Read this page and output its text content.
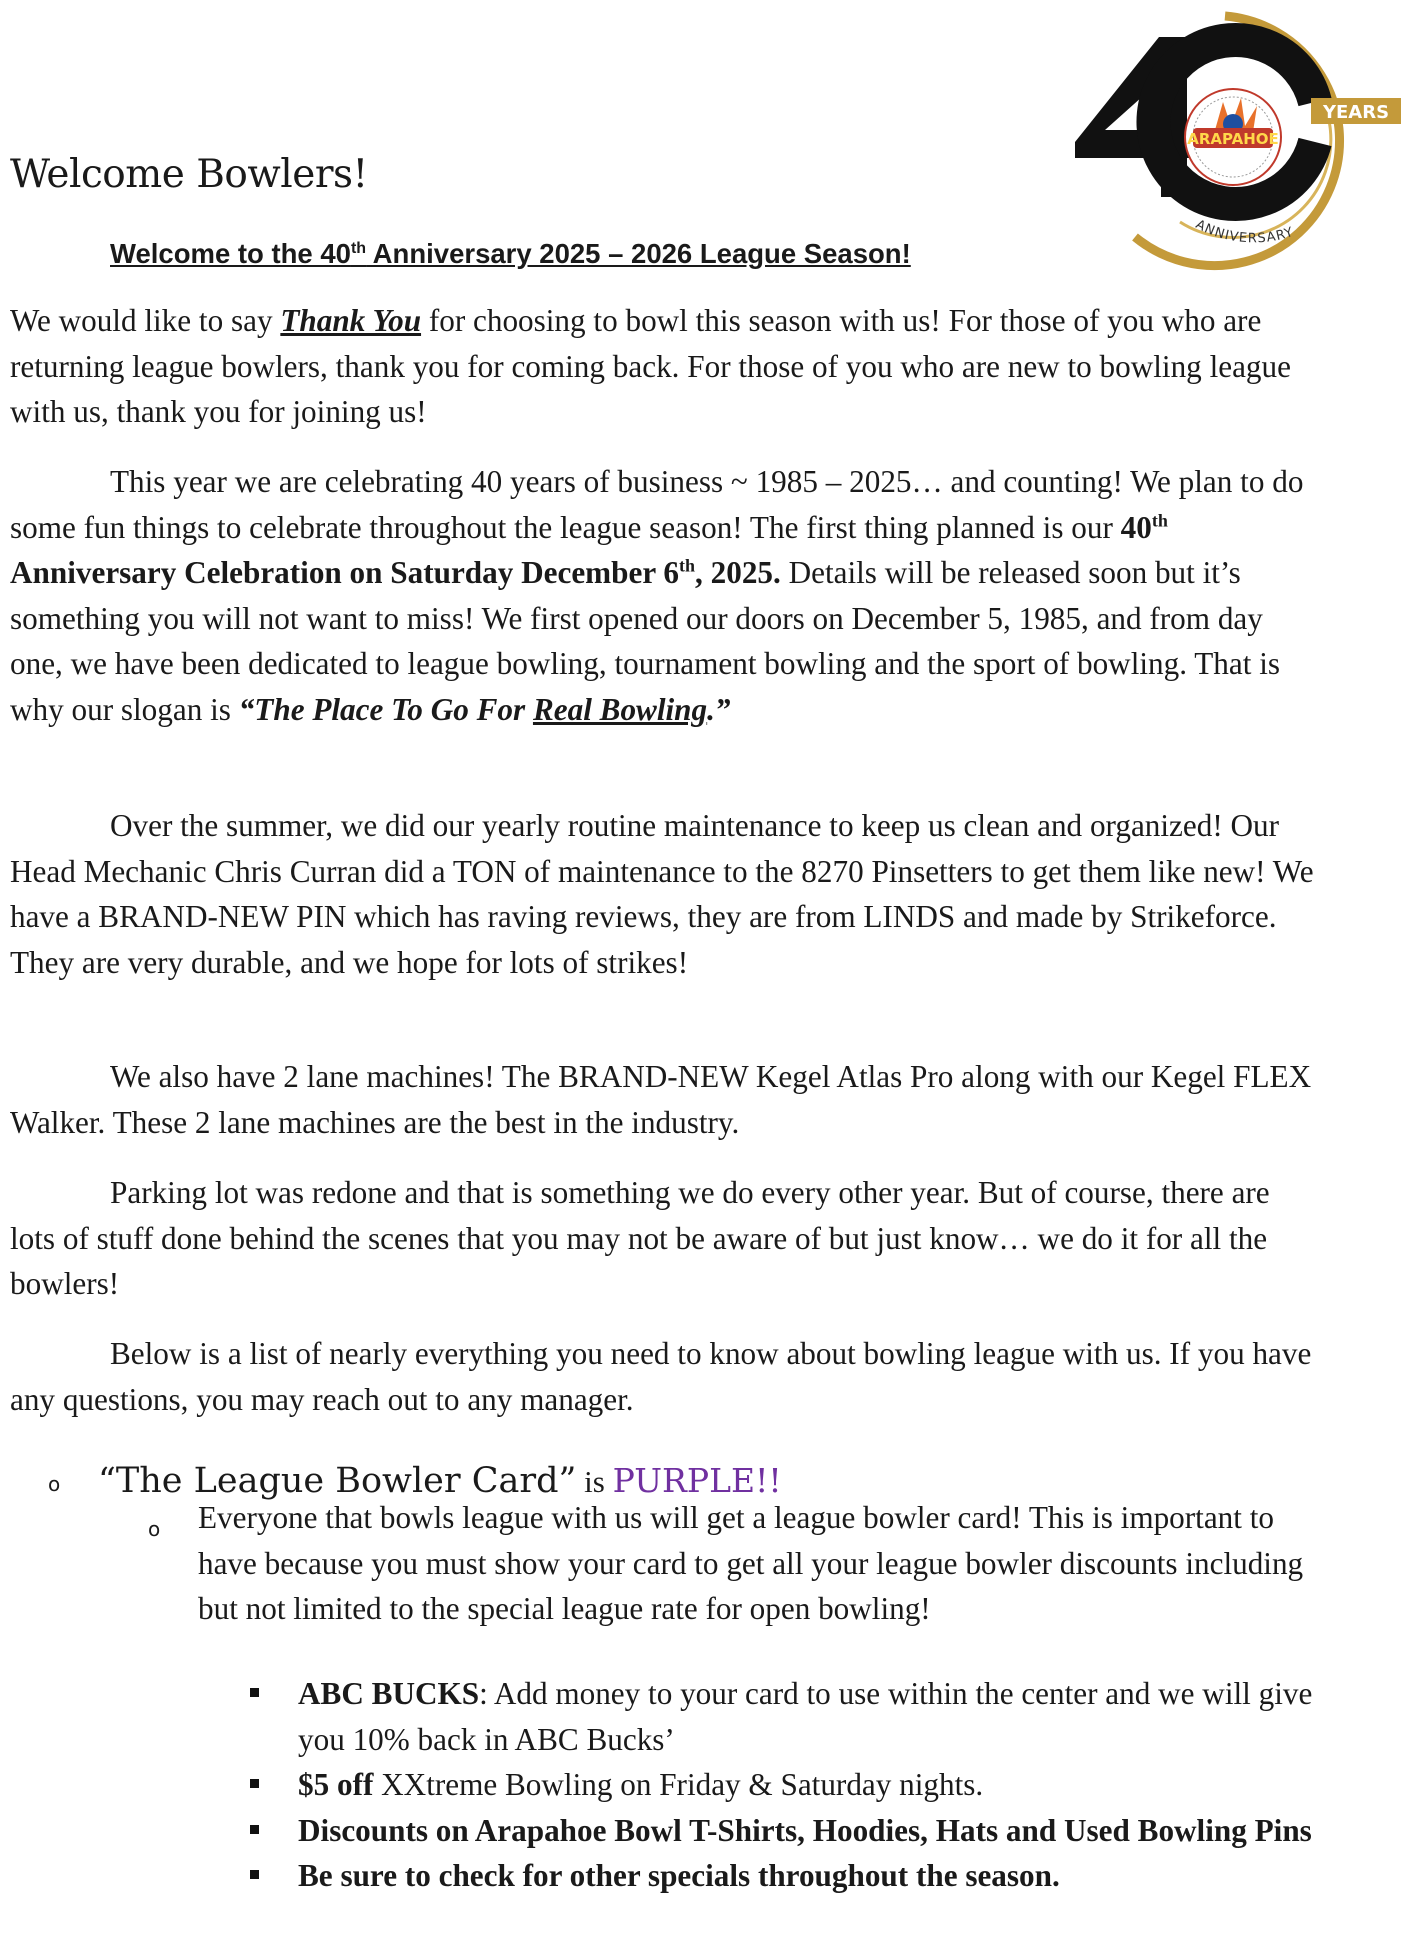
ARAPAHOE
YEARS
ANNIVERSARY
Welcome Bowlers!

Welcome to the 40th Anniversary 2025 – 2026 League Season!

We would like to say Thank You for choosing to bowl this season with us! For those of you who are returning league bowlers, thank you for coming back. For those of you who are new to bowling league with us, thank you for joining us!

This year we are celebrating 40 years of business ~ 1985 – 2025… and counting! We plan to do some fun things to celebrate throughout the league season! The first thing planned is our 40th Anniversary Celebration on Saturday December 6th, 2025. Details will be released soon but it’s something you will not want to miss! We first opened our doors on December 5, 1985, and from day one, we have been dedicated to league bowling, tournament bowling and the sport of bowling. That is why our slogan is “The Place To Go For Real Bowling.”

Over the summer, we did our yearly routine maintenance to keep us clean and organized! Our Head Mechanic Chris Curran did a TON of maintenance to the 8270 Pinsetters to get them like new! We have a BRAND-NEW PIN which has raving reviews, they are from LINDS and made by Strikeforce. They are very durable, and we hope for lots of strikes!

We also have 2 lane machines! The BRAND-NEW Kegel Atlas Pro along with our Kegel FLEX Walker. These 2 lane machines are the best in the industry.

Parking lot was redone and that is something we do every other year. But of course, there are lots of stuff done behind the scenes that you may not be aware of but just know… we do it for all the bowlers!

Below is a list of nearly everything you need to know about bowling league with us. If you have any questions, you may reach out to any manager.

o “The League Bowler Card” is PURPLE!!
o Everyone that bowls league with us will get a league bowler card! This is important to have because you must show your card to get all your league bowler discounts including but not limited to the special league rate for open bowling!
ABC BUCKS: Add money to your card to use within the center and we will give you 10% back in ABC Bucks’
$5 off XXtreme Bowling on Friday & Saturday nights.
Discounts on Arapahoe Bowl T-Shirts, Hoodies, Hats and Used Bowling Pins
Be sure to check for other specials throughout the season.
